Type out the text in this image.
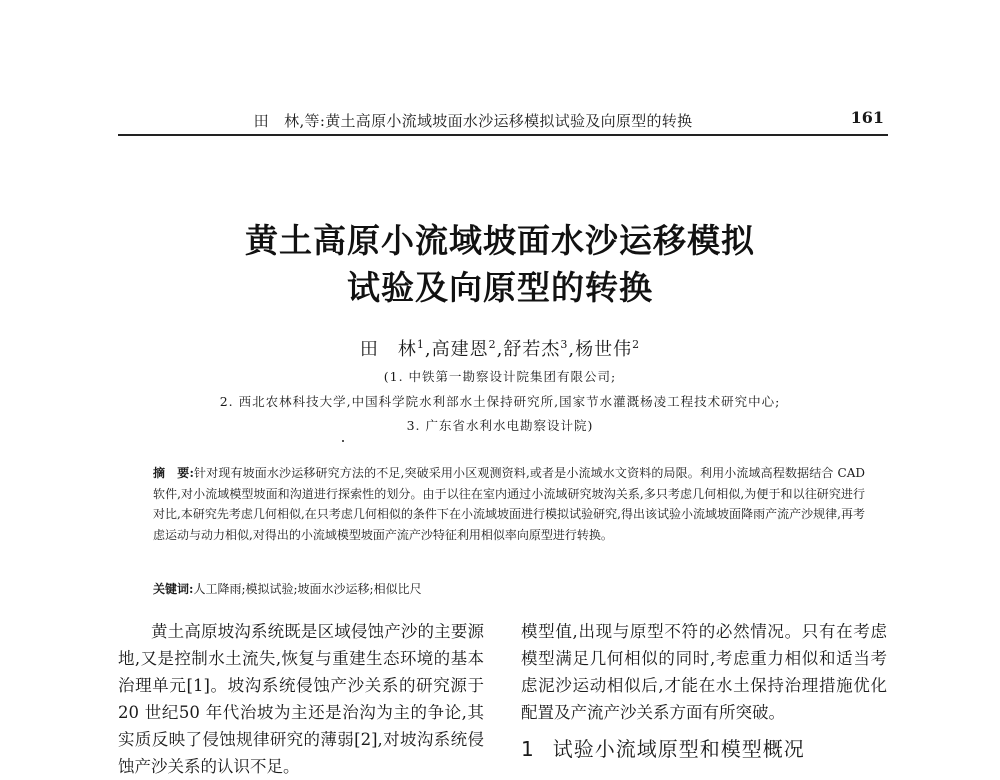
田　林,等:黄土高原小流域坡面水沙运移模拟试验及向原型的转换	161
黄土高原小流域坡面水沙运移模拟
试验及向原型的转换
田　林$^1$,高建恩$^2$,舒若杰$^3$,杨世伟$^2$
(1. 中铁第一勘察设计院集团有限公司;
2. 西北农林科技大学,中国科学院水利部水土保持研究所,国家节水灌溉杨凌工程技术研究中心;
3. 广东省水利水电勘察设计院)
摘　要:针对现有坡面水沙运移研究方法的不足,突破采用小区观测资料,或者是小流域水文资料的局限。利用小流域高程数据结合 CAD 软件,对小流域模型坡面和沟道进行探索性的划分。由于以往在室内通过小流域研究坡沟关系,多只考虑几何相似,为便于和以往研究进行对比,本研究先考虑几何相似,在只考虑几何相似的条件下在小流域坡面进行模拟试验研究,得出该试验小流域坡面降雨产流产沙规律,再考虑运动与动力相似,对得出的小流域模型坡面产流产沙特征利用相似率向原型进行转换。
关键词:人工降雨;模拟试验;坡面水沙运移;相似比尺
黄土高原坡沟系统既是区域侵蚀产沙的主要源地,又是控制水土流失,恢复与重建生态环境的基本治理单元[1]。坡沟系统侵蚀产沙关系的研究源于20 世纪50 年代治坡为主还是治沟为主的争论,其实质反映了侵蚀规律研究的薄弱[2],对坡沟系统侵蚀产沙关系的认识不足。
模型值,出现与原型不符的必然情况。只有在考虑模型满足几何相似的同时,考虑重力相似和适当考虑泥沙运动相似后,才能在水土保持治理措施优化配置及产流产沙关系方面有所突破。
1 试验小流域原型和模型概况
